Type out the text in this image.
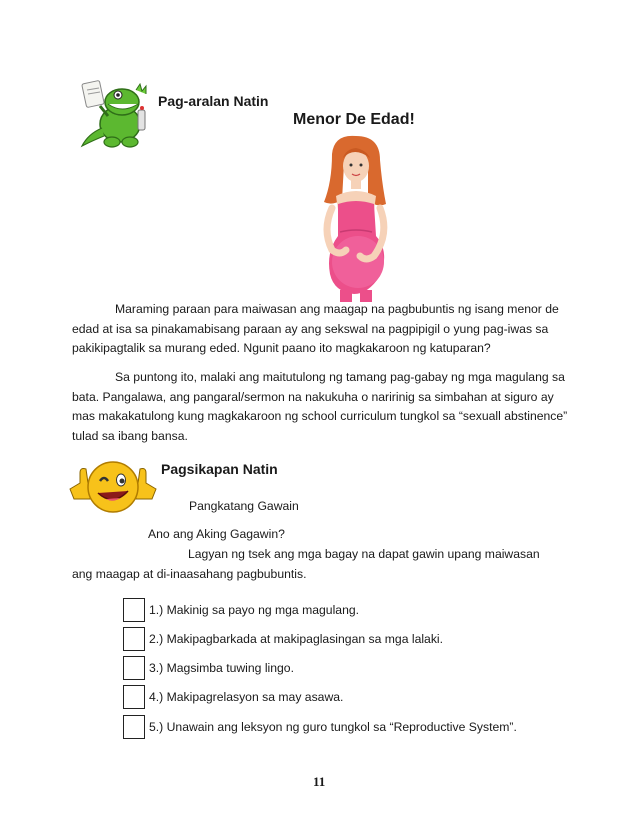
Pag-aralan Natin
Menor De Edad!

Maraming paraan para maiwasan ang maagap na pagbubuntis ng isang menor de edad at isa sa pinakamabisang paraan ay ang sekswal na pagpipigil o yung pag-iwas sa pakikipagtalik sa murang eded. Ngunit paano ito magkakaroon ng katuparan?

Sa puntong ito, malaki ang maitutulong ng tamang pag-gabay ng mga magulang sa bata. Pangalawa, ang pangaral/sermon na nakukuha o naririnig sa simbahan at siguro ay mas makakatulong kung magkakaroon ng school curriculum tungkol sa “sexuall abstinence” tulad sa ibang bansa.

Pagsikapan Natin
Pangkatang Gawain
Ano ang Aking Gagawin?

Lagyan ng tsek ang mga bagay na dapat gawin upang maiwasan ang maagap at di-inaasahang pagbubuntis.

1.) Makinig sa payo ng mga magulang.
2.) Makipagbarkada at makipaglasingan sa mga lalaki.
3.) Magsimba tuwing lingo.
4.) Makipagrelasyon sa may asawa.
5.) Unawain ang leksyon ng guro tungkol sa “Reproductive System”.
11
